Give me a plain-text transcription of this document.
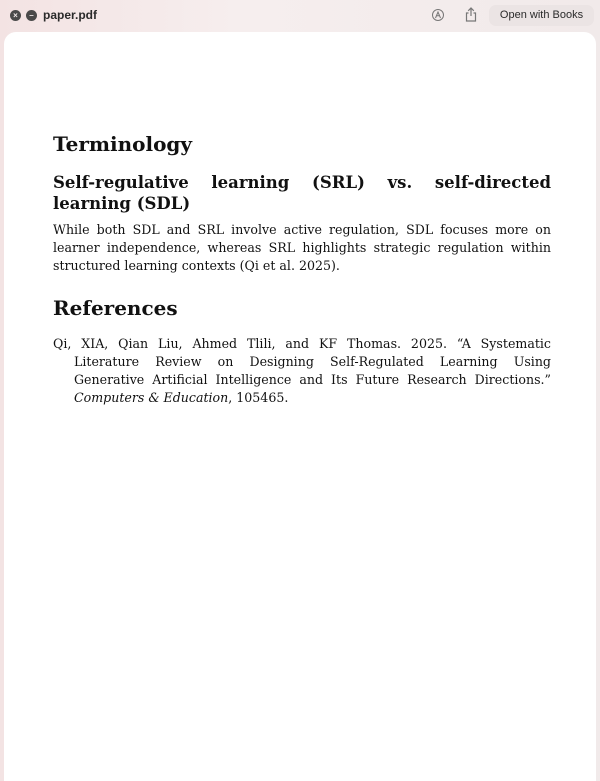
×	– paper.pdf	Open with Books
Terminology
Self-regulative learning (SRL) vs. self-directed learning (SDL)

While both SDL and SRL involve active regulation, SDL focuses more on learner independence, whereas SRL highlights strategic regulation within structured learning contexts (Qi et al. 2025).

References

Qi, XIA, Qian Liu, Ahmed Tlili, and KF Thomas. 2025. “A Systematic Literature Review on Designing Self-Regulated Learning Using Generative Artificial Intelligence and Its Future Research Directions.” Computers & Education, 105465.
